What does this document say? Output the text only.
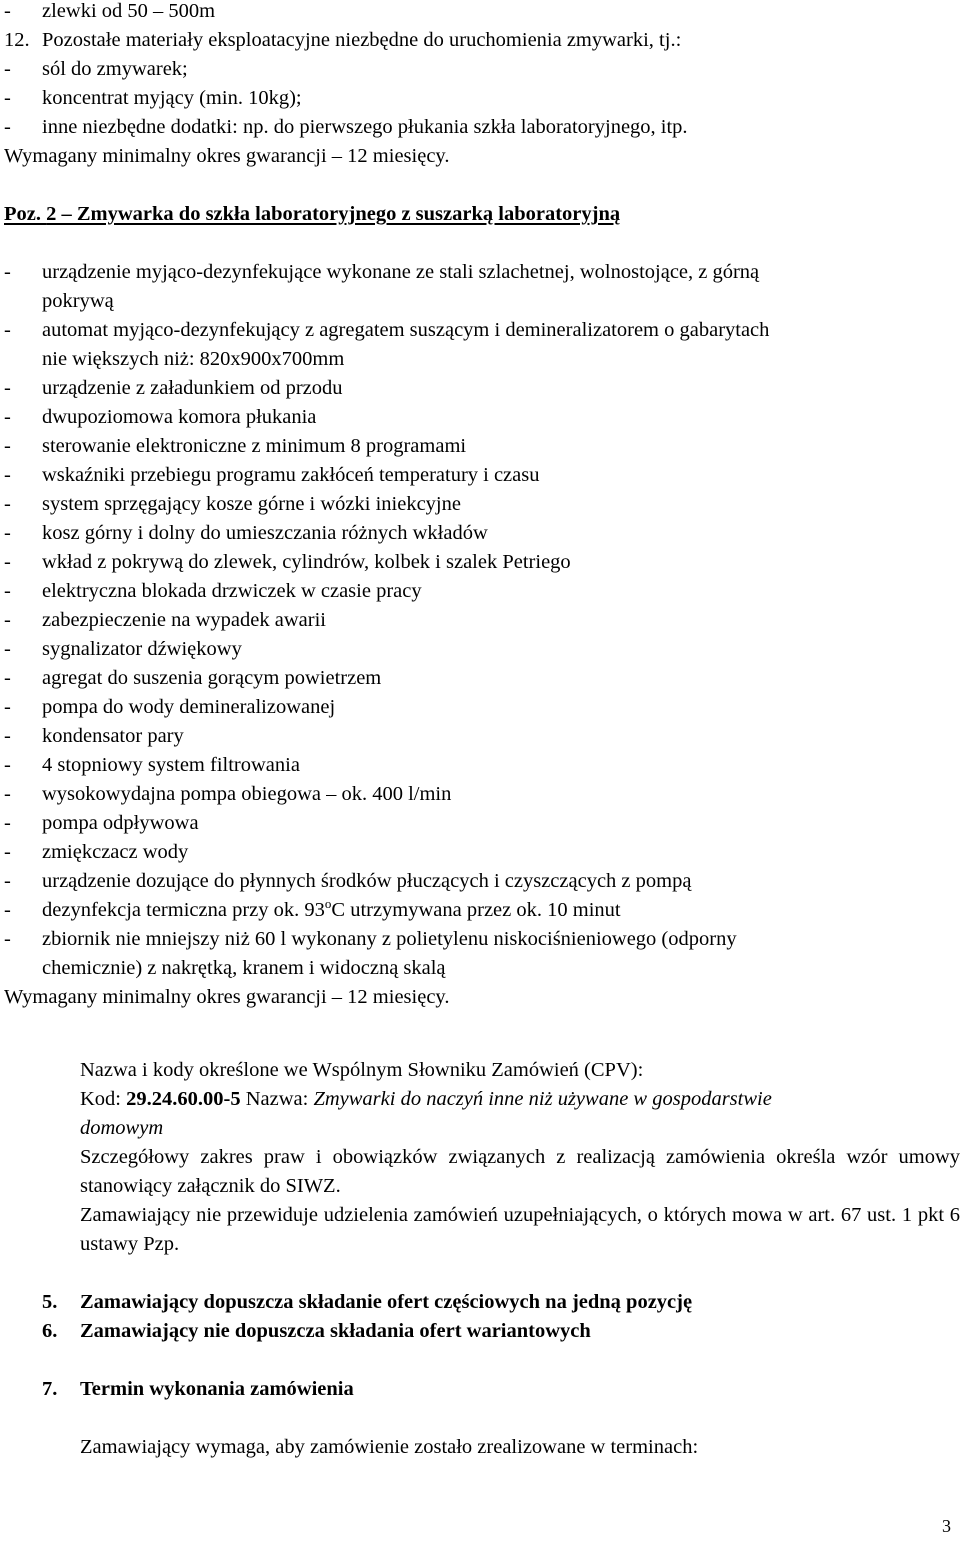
- zlewki od 50 – 500m
12. Pozostałe materiały eksploatacyjne niezbędne do uruchomienia zmywarki, tj.:
- sól do zmywarek;
- koncentrat myjący (min. 10kg);
- inne niezbędne dodatki: np. do pierwszego płukania szkła laboratoryjnego, itp.
Wymagany minimalny okres gwarancji – 12 miesięcy.
Poz. 2 – Zmywarka do szkła laboratoryjnego z suszarką laboratoryjną
- urządzenie myjąco-dezynfekujące wykonane ze stali szlachetnej, wolnostojące, z górną
pokrywą
- automat myjąco-dezynfekujący z agregatem suszącym i demineralizatorem o gabarytach
nie większych niż: 820x900x700mm
- urządzenie z załadunkiem od przodu
- dwupoziomowa komora płukania
- sterowanie elektroniczne z minimum 8 programami
- wskaźniki przebiegu programu zakłóceń temperatury i czasu
- system sprzęgający kosze górne i wózki iniekcyjne
- kosz górny i dolny do umieszczania różnych wkładów
- wkład z pokrywą do zlewek, cylindrów, kolbek i szalek Petriego
- elektryczna blokada drzwiczek w czasie pracy
- zabezpieczenie na wypadek awarii
- sygnalizator dźwiękowy
- agregat do suszenia gorącym powietrzem
- pompa do wody demineralizowanej
- kondensator pary
- 4 stopniowy system filtrowania
- wysokowydajna pompa obiegowa – ok. 400 l/min
- pompa odpływowa
- zmiękczacz wody
- urządzenie dozujące do płynnych środków płuczących i czyszczących z pompą
- dezynfekcja termiczna przy ok. 93$^o$C utrzymywana przez ok. 10 minut
- zbiornik nie mniejszy niż 60 l wykonany z polietylenu niskociśnieniowego (odporny
chemicznie) z nakrętką, kranem i widoczną skalą
Wymagany minimalny okres gwarancji – 12 miesięcy.
Nazwa i kody określone we Wspólnym Słowniku Zamówień (CPV):
Kod: 29.24.60.00-5 Nazwa: Zmywarki do naczyń inne niż używane w gospodarstwie
domowym
Szczegółowy zakres praw i obowiązków związanych z realizacją zamówienia określa wzór umowy stanowiący załącznik do SIWZ.
Zamawiający nie przewiduje udzielenia zamówień uzupełniających, o których mowa w art. 67 ust. 1 pkt 6 ustawy Pzp.
5. Zamawiający dopuszcza składanie ofert częściowych na jedną pozycję
6. Zamawiający nie dopuszcza składania ofert wariantowych
7. Termin wykonania zamówienia
Zamawiający wymaga, aby zamówienie zostało zrealizowane w terminach:
3
